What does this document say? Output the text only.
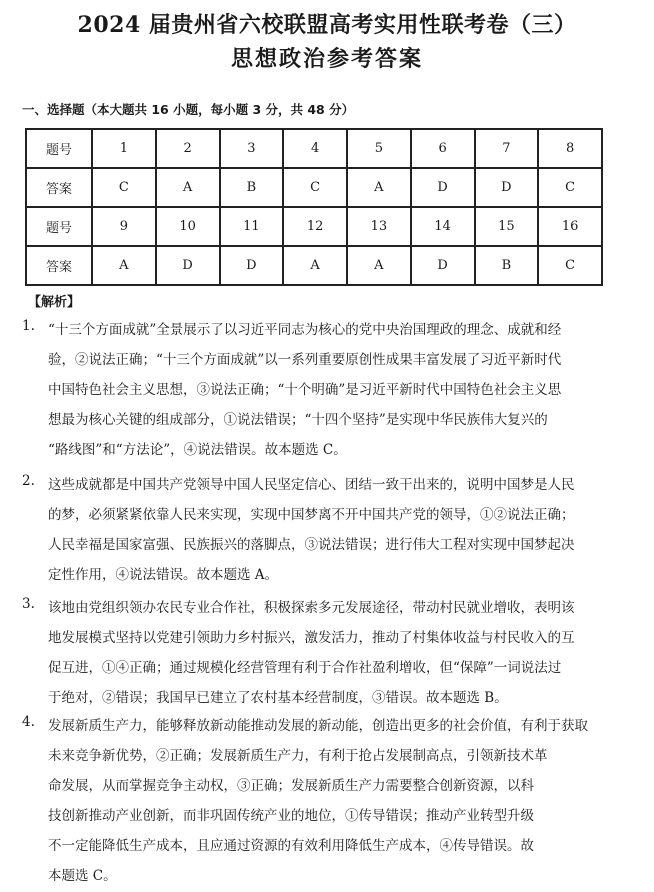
2024 届贵州省六校联盟高考实用性联考卷（三）
思想政治参考答案
一、选择题（本大题共 16 小题，每小题 3 分，共 48 分）
题号	1	2	3	4	5	6	7	8
答案	C	A	B	C	A	D	D	C
题号	9	10	11	12	13	14	15	16
答案	A	D	D	A	A	D	B	C
【解析】
1. “十三个方面成就”全景展示了以习近平同志为核心的党中央治国理政的理念、成就和经
验，②说法正确；“十三个方面成就”以一系列重要原创性成果丰富发展了习近平新时代
中国特色社会主义思想，③说法正确；“十个明确”是习近平新时代中国特色社会主义思
想最为核心关键的组成部分，①说法错误；“十四个坚持”是实现中华民族伟大复兴的
“路线图”和“方法论”，④说法错误。故本题选 C。
2. 这些成就都是中国共产党领导中国人民坚定信心、团结一致干出来的，说明中国梦是人民
的梦，必须紧紧依靠人民来实现，实现中国梦离不开中国共产党的领导，①②说法正确；
人民幸福是国家富强、民族振兴的落脚点，③说法错误；进行伟大工程对实现中国梦起决
定性作用，④说法错误。故本题选 A。
3. 该地由党组织领办农民专业合作社，积极探索多元发展途径，带动村民就业增收，表明该
地发展模式坚持以党建引领助力乡村振兴，激发活力，推动了村集体收益与村民收入的互
促互进，①④正确；通过规模化经营管理有利于合作社盈利增收，但“保障”一词说法过
于绝对，②错误；我国早已建立了农村基本经营制度，③错误。故本题选 B。
4. 发展新质生产力，能够释放新动能推动发展的新动能，创造出更多的社会价值，有利于获取
未来竞争新优势，②正确；发展新质生产力，有利于抢占发展制高点，引领新技术革
命发展，从而掌握竞争主动权，③正确；发展新质生产力需要整合创新资源，以科
技创新推动产业创新，而非巩固传统产业的地位，①传导错误；推动产业转型升级
不一定能降低生产成本，且应通过资源的有效利用降低生产成本，④传导错误。故
本题选 C。
